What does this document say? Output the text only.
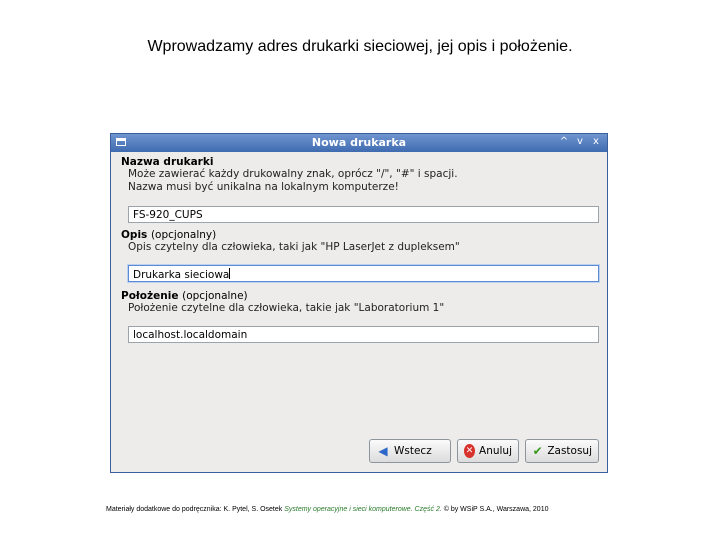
Wprowadzamy adres drukarki sieciowej, jej opis i położenie.
Nowa drukarka	^ v	x
Nazwa drukarki
Może zawierać każdy drukowalny znak, oprócz "/", "#" i spacji.
Nazwa musi być unikalna na lokalnym komputerze!
FS-920_CUPS
Opis (opcjonalny)
Opis czytelny dla człowieka, taki jak "HP LaserJet z dupleksem"
Drukarka sieciowa
Położenie (opcjonalne)
Położenie czytelne dla człowieka, takie jak "Laboratorium 1"
localhost.localdomain
◀ Wstecz	✕ Anuluj ✔ Zastosuj
Materiały dodatkowe do podręcznika: K. Pytel, S. Osetek Systemy operacyjne i sieci komputerowe. Część 2. © by WSiP S.A., Warszawa, 2010
